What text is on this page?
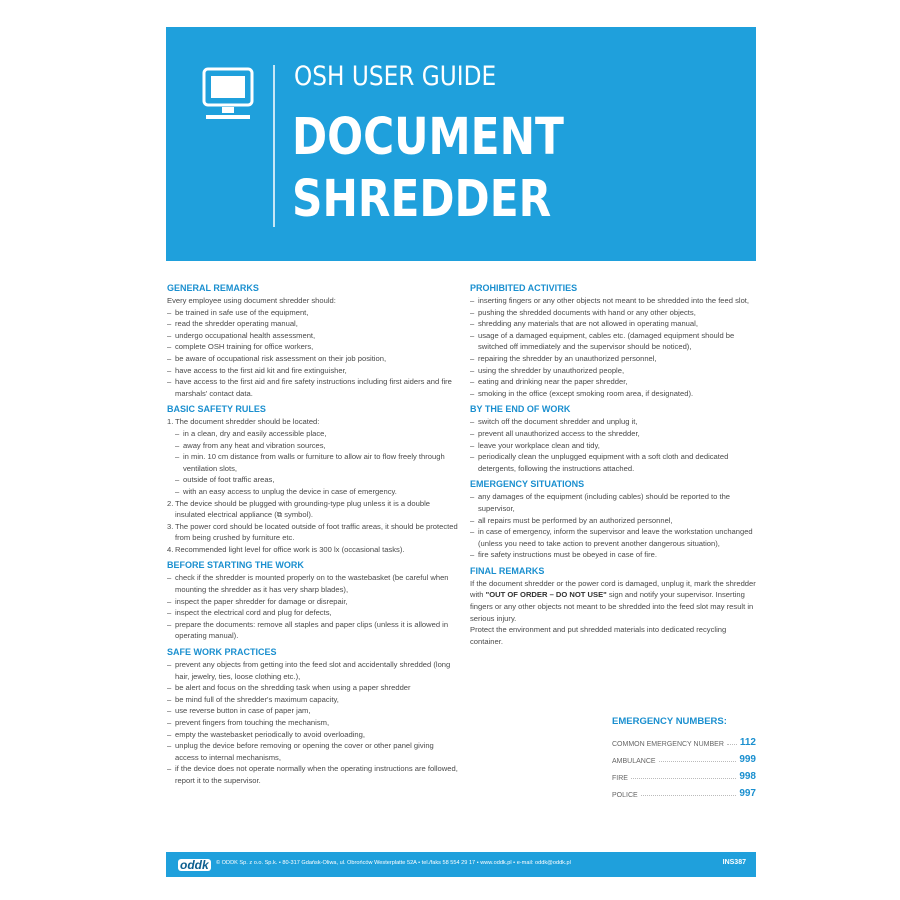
OSH USER GUIDE
DOCUMENT
SHREDDER
GENERAL REMARKS
Every employee using document shredder should:
– be trained in safe use of the equipment,
– read the shredder operating manual,
– undergo occupational health assessment,
– complete OSH training for office workers,
– be aware of occupational risk assessment on their job position,
– have access to the first aid kit and fire extinguisher,
– have access to the first aid and fire safety instructions including first aiders and fire marshals' contact data.
BASIC SAFETY RULES
1. The document shredder should be located:
– in a clean, dry and easily accessible place,
– away from any heat and vibration sources,
– in min. 10 cm distance from walls or furniture to allow air to flow freely through ventilation slots,
– outside of foot traffic areas,
– with an easy access to unplug the device in case of emergency.
2. The device should be plugged with grounding-type plug unless it is a double insulated electrical appliance (⧉ symbol).
3. The power cord should be located outside of foot traffic areas, it should be protected from being crushed by furniture etc.
4. Recommended light level for office work is 300 lx (occasional tasks).
BEFORE STARTING THE WORK
– check if the shredder is mounted properly on to the wastebasket (be careful when mounting the shredder as it has very sharp blades),
– inspect the paper shredder for damage or disrepair,
– inspect the electrical cord and plug for defects,
– prepare the documents: remove all staples and paper clips (unless it is allowed in operating manual).
SAFE WORK PRACTICES
– prevent any objects from getting into the feed slot and accidentally shredded (long hair, jewelry, ties, loose clothing etc.),
– be alert and focus on the shredding task when using a paper shredder
– be mind full of the shredder's maximum capacity,
– use reverse button in case of paper jam,
– prevent fingers from touching the mechanism,
– empty the wastebasket periodically to avoid overloading,
– unplug the device before removing or opening the cover or other panel giving access to internal mechanisms,
– if the device does not operate normally when the operating instructions are followed, report it to the supervisor.
PROHIBITED ACTIVITIES
– inserting fingers or any other objects not meant to be shredded into the feed slot,
– pushing the shredded documents with hand or any other objects,
– shredding any materials that are not allowed in operating manual,
– usage of a damaged equipment, cables etc. (damaged equipment should be switched off immediately and the supervisor should be noticed),
– repairing the shredder by an unauthorized personnel,
– using the shredder by unauthorized people,
– eating and drinking near the paper shredder,
– smoking in the office (except smoking room area, if designated).
BY THE END OF WORK
– switch off the document shredder and unplug it,
– prevent all unauthorized access to the shredder,
– leave your workplace clean and tidy,
– periodically clean the unplugged equipment with a soft cloth and dedicated detergents, following the instructions attached.
EMERGENCY SITUATIONS
– any damages of the equipment (including cables) should be reported to the supervisor,
– all repairs must be performed by an authorized personnel,
– in case of emergency, inform the supervisor and leave the workstation unchanged (unless you need to take action to prevent another dangerous situation),
– fire safety instructions must be obeyed in case of fire.
FINAL REMARKS
If the document shredder or the power cord is damaged, unplug it, mark the shredder with "OUT OF ORDER – DO NOT USE" sign and notify your supervisor. Inserting fingers or any other objects not meant to be shredded into the feed slot may result in serious injury.
Protect the environment and put shredded materials into dedicated recycling container.
EMERGENCY NUMBERS:
COMMON EMERGENCY NUMBER 112
AMBULANCE	999
FIRE	998
POLICE	997
oddk	© ODDK Sp. z o.o. Sp.k. • 80-317 Gdańsk-Oliwa, ul. Obrońców Westerplatte 52A • tel./faks 58 554 29 17 • www.oddk.pl • e-mail: oddk@oddk.pl	INS387
